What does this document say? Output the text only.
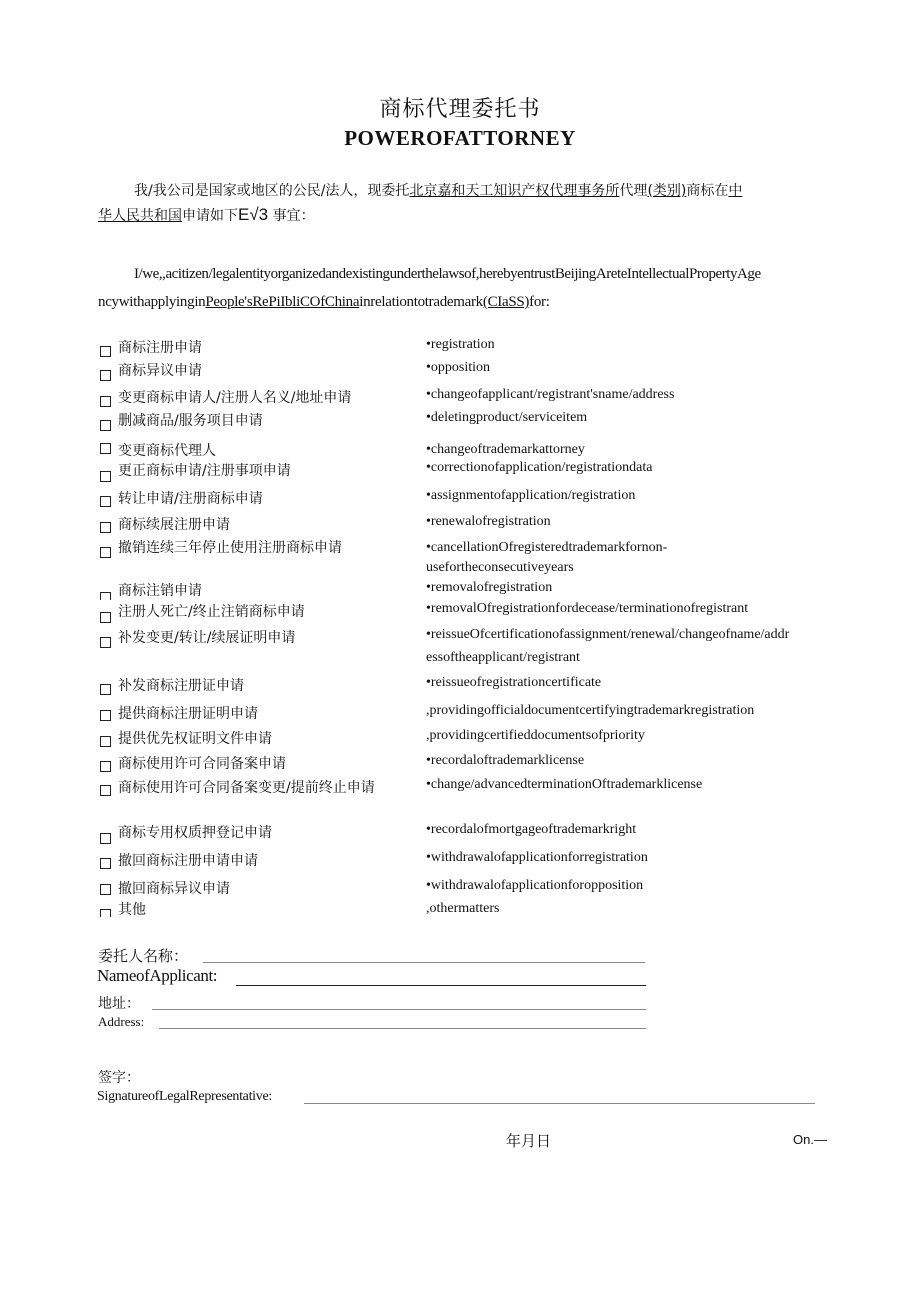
商标代理委托书
POWEROFATTORNEY
我/我公司是国家或地区的公民/法人，现委托北京嘉和天工知识产权代理事务所代理(类别)商标在中
华人民共和国申请如下E√3 事宜：
I/we,,acitizen/legalentityorganizedandexistingunderthelawsof,herebyentrustBeijingAreteIntellectualPropertyAge
ncywithapplyinginPeople'sRePiIbliCOfChinainrelationtotrademark(CIaSS)for:
商标注册申请	•registration
商标异议申请	•opposition
变更商标申请人/注册人名义/地址申请	•changeofapplicant/registrant'sname/address
删减商品/服务项目申请	•deletingproduct/serviceitem
变更商标代理人	•changeoftrademarkattorney
更正商标申请/注册事项申请	•correctionofapplication/registrationdata
转让申请/注册商标申请	•assignmentofapplication/registration
商标续展注册申请	•renewalofregistration
撤销连续三年停止使用注册商标申请	•cancellationOfregisteredtrademarkfornon-
usefortheconsecutiveyears
商标注销申请	•removalofregistration
注册人死亡/终止注销商标申请	•removalOfregistrationfordecease/terminationofregistrant
补发变更/转让/续展证明申请	•reissueOfcertificationofassignment/renewal/changeofname/addr
essoftheapplicant/registrant
补发商标注册证申请	•reissueofregistrationcertificate
提供商标注册证明申请	,providingofficialdocumentcertifyingtrademarkregistration
提供优先权证明文件申请	,providingcertifieddocumentsofpriority
商标使用许可合同备案申请	•recordaloftrademarklicense
商标使用许可合同备案变更/提前终止申请	•change/advancedterminationOftrademarklicense
商标专用权质押登记申请	•recordalofmortgageoftrademarkright
撤回商标注册申请申请	•withdrawalofapplicationforregistration
撤回商标异议申请	•withdrawalofapplicationforopposition
其他	,othermatters
委托人名称：
NameofApplicant:
地址：
Address:
签字：
SignatureofLegalRepresentative:
年月日	On.—
